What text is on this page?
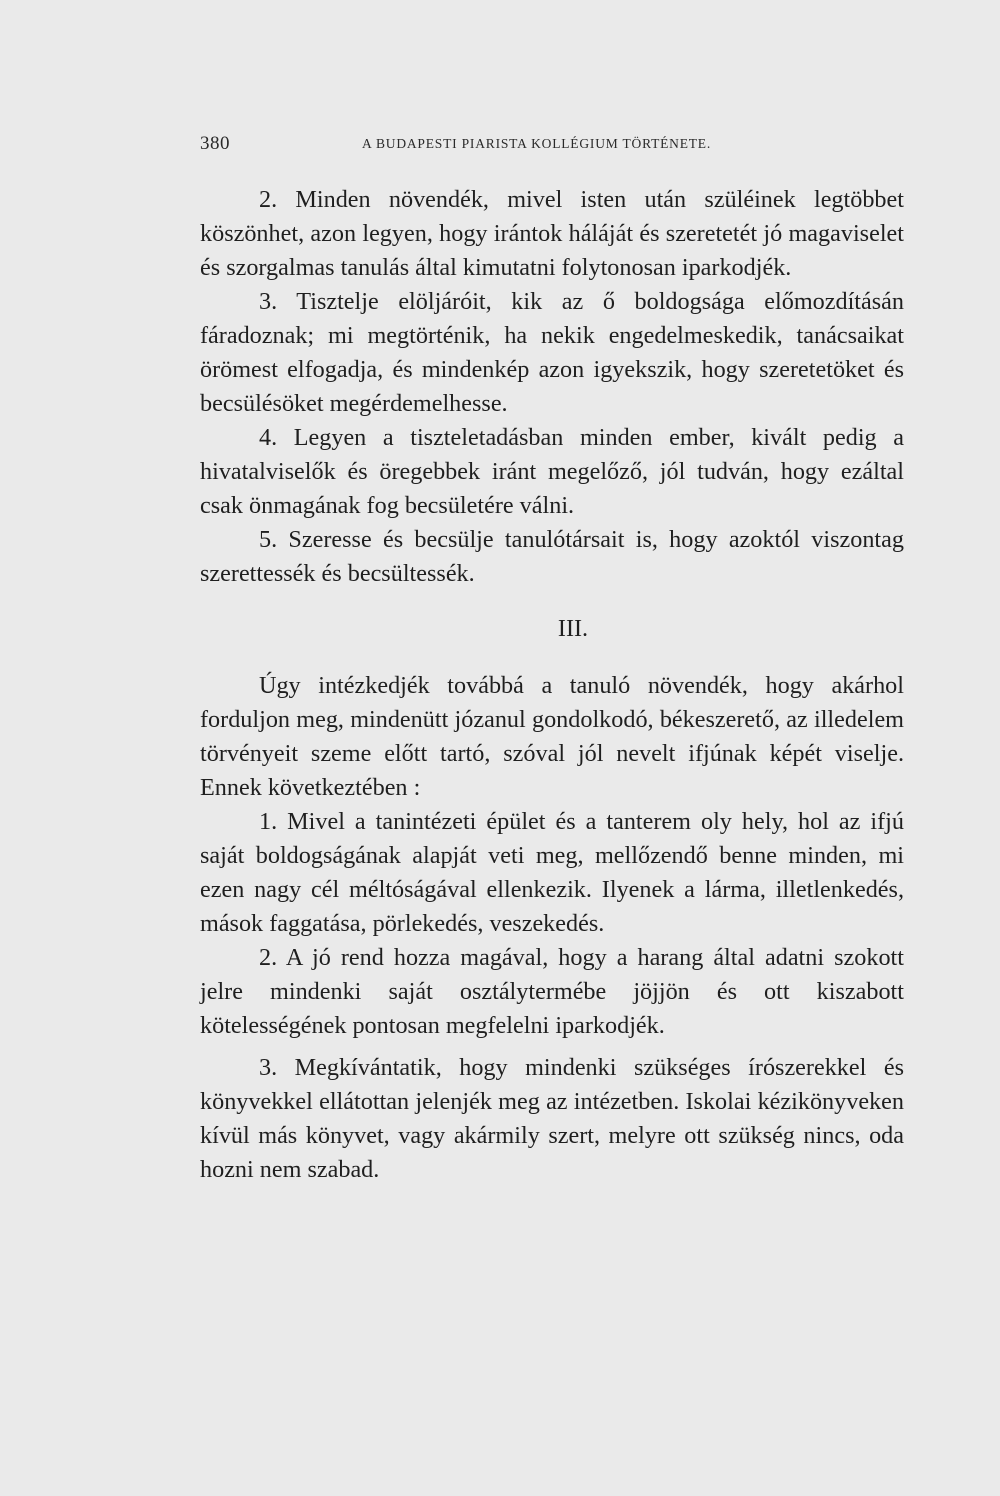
380	A BUDAPESTI PIARISTA KOLLÉGIUM TÖRTÉNETE.

2. Minden növendék, mivel isten után szüléinek legtöbbet köszönhet, azon legyen, hogy irántok háláját és szeretetét jó magaviselet és szorgalmas tanulás által kimutatni folytonosan iparkodjék.

3. Tisztelje elöljáróit, kik az ő boldogsága előmozdításán fáradoznak; mi megtörténik, ha nekik engedelmeskedik, tanácsaikat örömest elfogadja, és mindenkép azon igyekszik, hogy szeretetöket és becsülésöket megérdemelhesse.

4. Legyen a tiszteletadásban minden ember, kivált pedig a hivatalviselők és öregebbek iránt megelőző, jól tudván, hogy ezáltal csak önmagának fog becsületére válni.

5. Szeresse és becsülje tanulótársait is, hogy azoktól viszontag szerettessék és becsültessék.

III.

Úgy intézkedjék továbbá a tanuló növendék, hogy akárhol forduljon meg, mindenütt józanul gondolkodó, békeszerető, az illedelem törvényeit szeme előtt tartó, szóval jól nevelt ifjúnak képét viselje. Ennek következtében :

1. Mivel a tanintézeti épület és a tanterem oly hely, hol az ifjú saját boldogságának alapját veti meg, mellőzendő benne minden, mi ezen nagy cél méltóságával ellenkezik. Ilyenek a lárma, illetlenkedés, mások faggatása, pörlekedés, veszekedés.

2. A jó rend hozza magával, hogy a harang által adatni szokott jelre mindenki saját osztálytermébe jöjjön és ott kiszabott kötelességének pontosan megfelelni iparkodjék.

3. Megkívántatik, hogy mindenki szükséges írószerekkel és könyvekkel ellátottan jelenjék meg az intézetben. Iskolai kézikönyveken kívül más könyvet, vagy akármily szert, melyre ott szükség nincs, oda hozni nem szabad.
